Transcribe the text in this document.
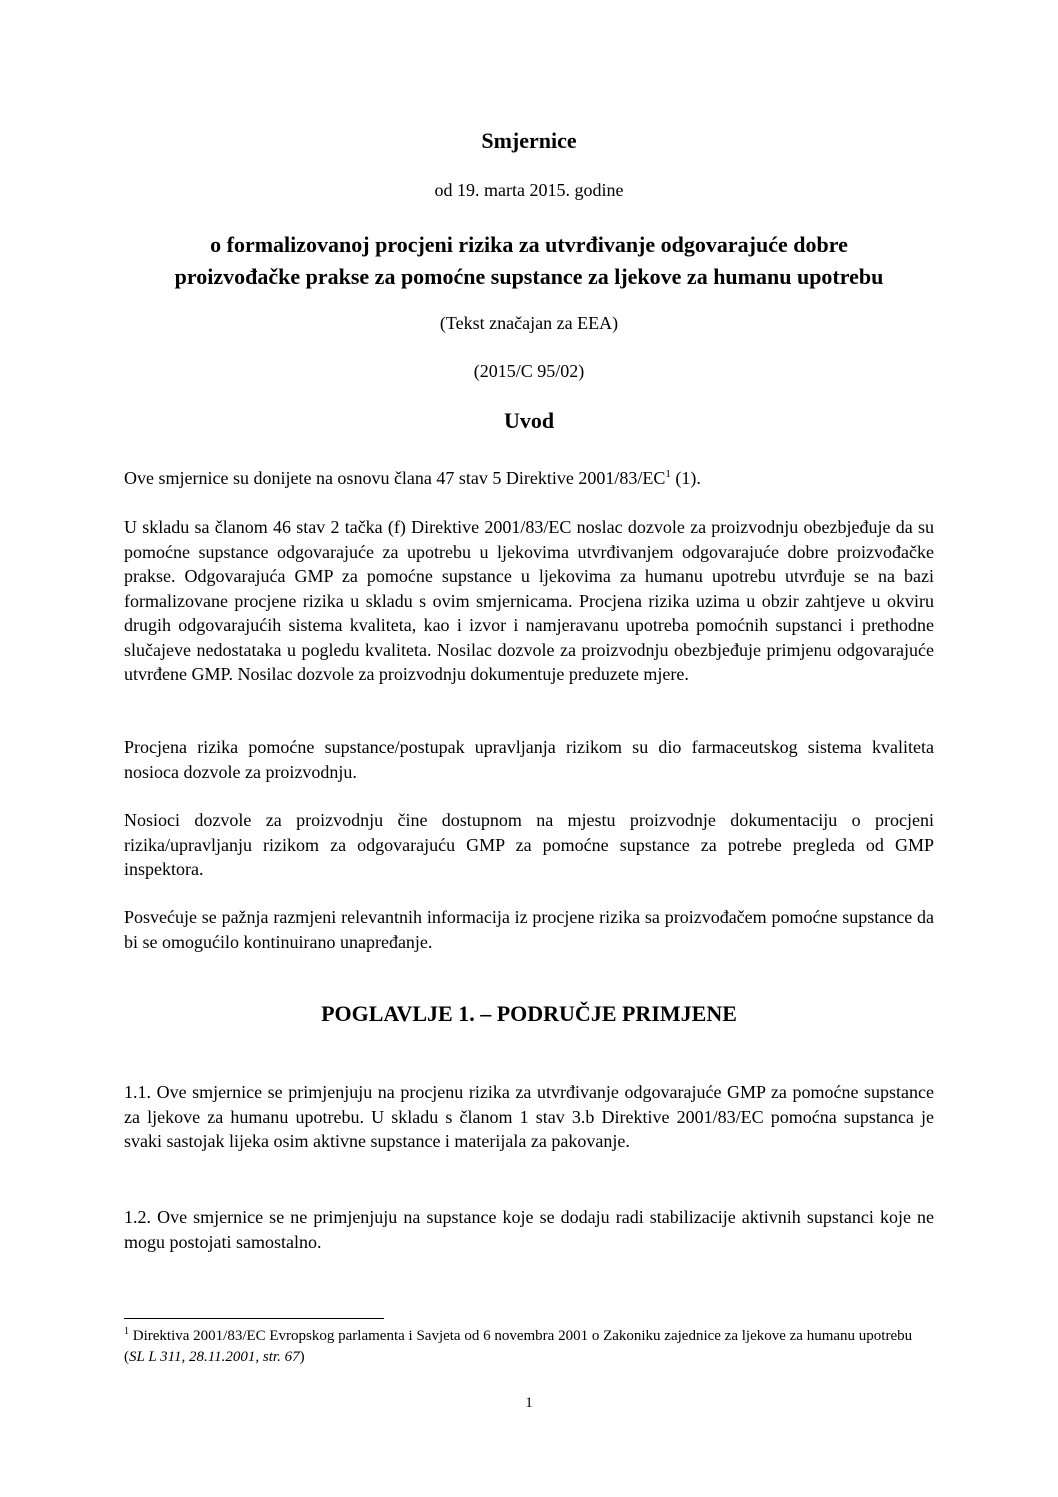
Smjernice
od 19. marta 2015. godine
o formalizovanoj procjeni rizika za utvrđivanje odgovarajuće dobre
proizvođačke prakse za pomoćne supstance za ljekove za humanu upotrebu
(Tekst značajan za EEA)
(2015/C 95/02)
Uvod
Ove smjernice su donijete na osnovu člana 47 stav 5 Direktive $2001/83/EC^1$ (1).
U skladu sa članom 46 stav 2 tačka (f) Direktive 2001/83/EC noslac dozvole za proizvodnju obezbjeđuje da su pomoćne supstance odgovarajuće za upotrebu u ljekovima utvrđivanjem odgovarajuće dobre proizvođačke prakse. Odgovarajuća GMP za pomoćne supstance u ljekovima za humanu upotrebu utvrđuje se na bazi formalizovane procjene rizika u skladu s ovim smjernicama. Procjena rizika uzima u obzir zahtjeve u okviru drugih odgovarajućih sistema kvaliteta, kao i izvor i namjeravanu upotreba pomoćnih supstanci i prethodne slučajeve nedostataka u pogledu kvaliteta. Nosilac dozvole za proizvodnju obezbjeđuje primjenu odgovarajuće utvrđene GMP. Nosilac dozvole za proizvodnju dokumentuje preduzete mjere.
Procjena rizika pomoćne supstance/postupak upravljanja rizikom su dio farmaceutskog sistema kvaliteta nosioca dozvole za proizvodnju.
Nosioci dozvole za proizvodnju čine dostupnom na mjestu proizvodnje dokumentaciju o procjeni rizika/upravljanju rizikom za odgovarajuću GMP za pomoćne supstance za potrebe pregleda od GMP inspektora.
Posvećuje se pažnja razmjeni relevantnih informacija iz procjene rizika sa proizvođačem pomoćne supstance da bi se omogućilo kontinuirano unapređanje.
POGLAVLJE 1. – PODRUČJE PRIMJENE
1.1. Ove smjernice se primjenjuju na procjenu rizika za utvrđivanje odgovarajuće GMP za pomoćne supstance za ljekove za humanu upotrebu. U skladu s članom 1 stav 3.b Direktive 2001/83/EC pomoćna supstanca je svaki sastojak lijeka osim aktivne supstance i materijala za pakovanje.
1.2. Ove smjernice se ne primjenjuju na supstance koje se dodaju radi stabilizacije aktivnih supstanci koje ne mogu postojati samostalno.
$^1$ Direktiva 2001/83/EC Evropskog parlamenta i Savjeta od 6 novembra 2001 o Zakoniku zajednice za ljekove za humanu upotrebu (SL L 311, 28.11.2001, str. 67)
1
